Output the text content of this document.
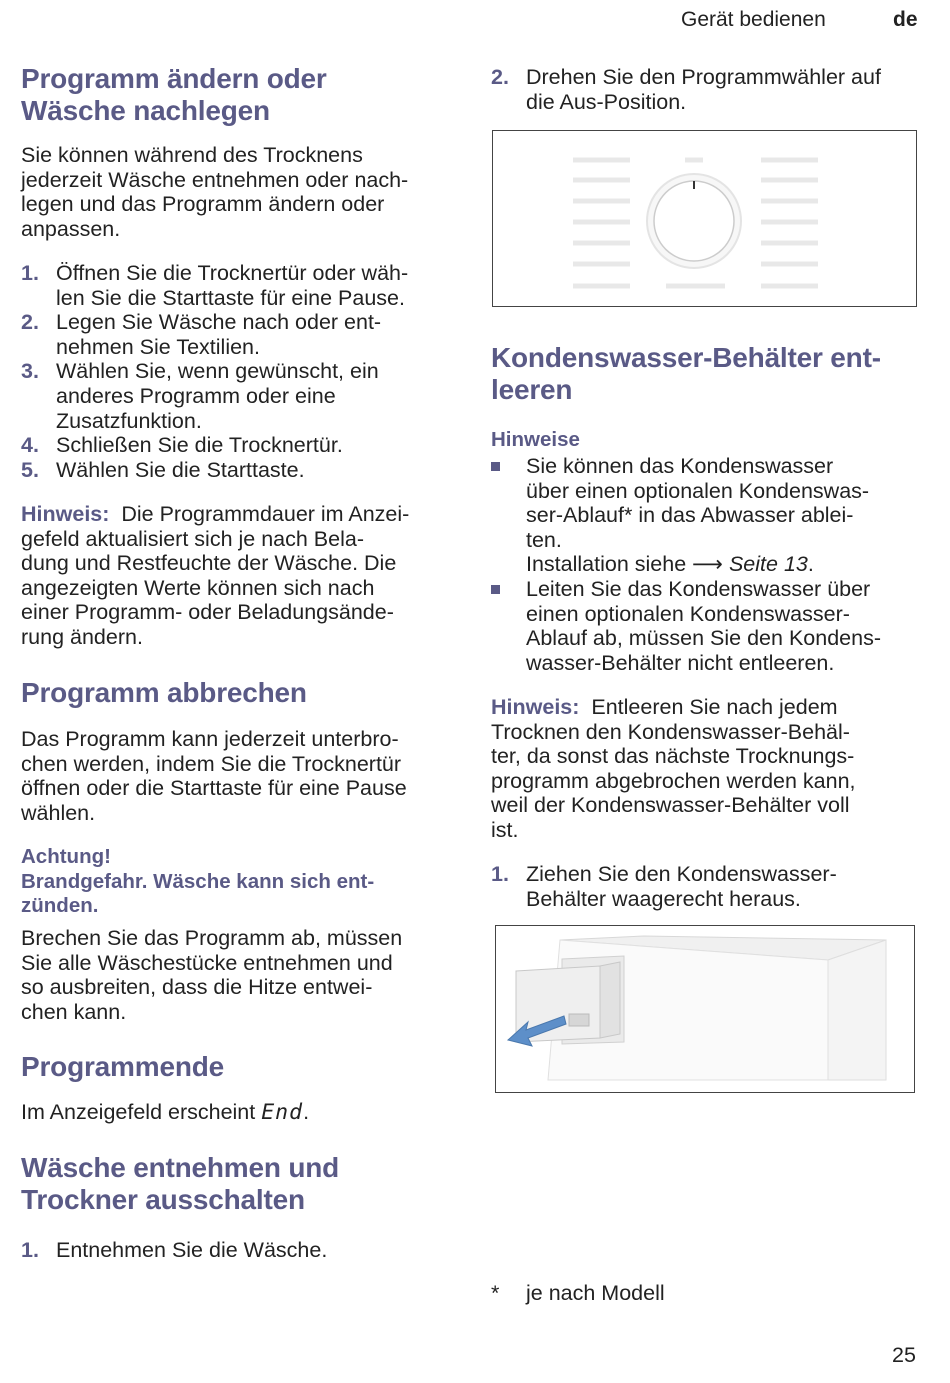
Gerät bedienen	de
Programm ändern oder
Wäsche nachlegen
Sie können während des Trocknens
jederzeit Wäsche entnehmen oder nach-
legen und das Programm ändern oder
anpassen.
1. Öffnen Sie die Trocknertür oder wäh-
len Sie die Starttaste für eine Pause.
2. Legen Sie Wäsche nach oder ent-
nehmen Sie Textilien.
3. Wählen Sie, wenn gewünscht, ein
anderes Programm oder eine
Zusatzfunktion.
4. Schließen Sie die Trocknertür.
5. Wählen Sie die Starttaste.
Hinweis: Die Programmdauer im Anzei-
gefeld aktualisiert sich je nach Bela-
dung und Restfeuchte der Wäsche. Die
angezeigten Werte können sich nach
einer Programm- oder Beladungsände-
rung ändern.
Programm abbrechen
Das Programm kann jederzeit unterbro-
chen werden, indem Sie die Trocknertür
öffnen oder die Starttaste für eine Pause
wählen.
Achtung!
Brandgefahr. Wäsche kann sich ent-
zünden.
Brechen Sie das Programm ab, müssen
Sie alle Wäschestücke entnehmen und
so ausbreiten, dass die Hitze entwei-
chen kann.
Programmende
Im Anzeigefeld erscheint End.
Wäsche entnehmen und
Trockner ausschalten
1. Entnehmen Sie die Wäsche.
2. Drehen Sie den Programmwähler auf
die Aus-Position.
Kondenswasser-Behälter ent-
leeren
Hinweise
Sie können das Kondenswasser
über einen optionalen Kondenswas-
ser-Ablauf* in das Abwasser ablei-
ten.
Installation siehe ⟶ Seite 13.
Leiten Sie das Kondenswasser über
einen optionalen Kondenswasser-
Ablauf ab, müssen Sie den Kondens-
wasser-Behälter nicht entleeren.
Hinweis: Entleeren Sie nach jedem
Trocknen den Kondenswasser-Behäl-
ter, da sonst das nächste Trocknungs-
programm abgebrochen werden kann,
weil der Kondenswasser-Behälter voll
ist.
1. Ziehen Sie den Kondenswasser-
Behälter waagerecht heraus.
* je nach Modell
25
